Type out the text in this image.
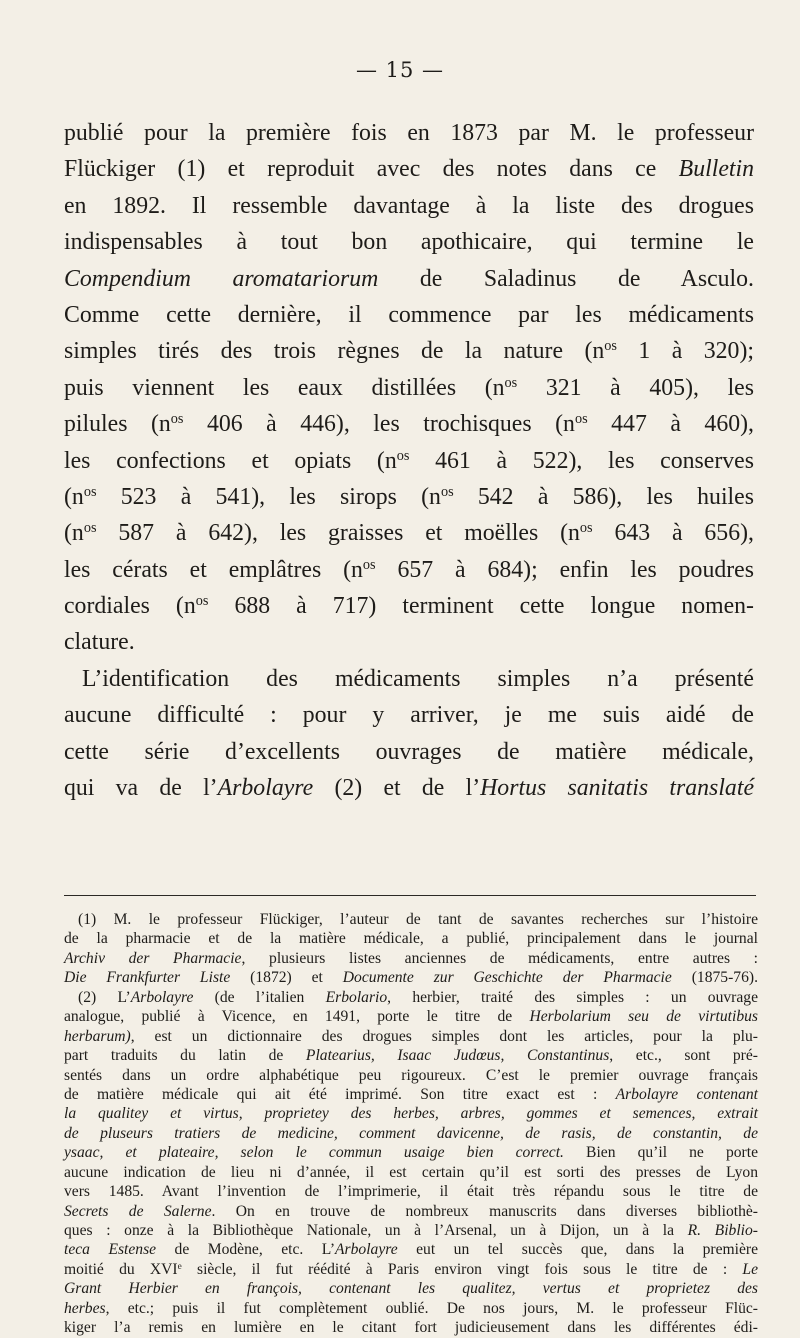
— 15 —
publié pour la première fois en 1873 par M. le professeur
Flückiger (1) et reproduit avec des notes dans ce Bulletin
en 1892. Il ressemble davantage à la liste des drogues
indispensables à tout bon apothicaire, qui termine le
Compendium aromatariorum de Saladinus de Asculo.
Comme cette dernière, il commence par les médicaments
simples tirés des trois règnes de la nature ($n^{os}$ 1 à 320);
puis viennent les eaux distillées ($n^{os}$ 321 à 405), les
pilules ($n^{os}$ 406 à 446), les trochisques ($n^{os}$ 447 à 460),
les confections et opiats ($n^{os}$ 461 à 522), les conserves
($n^{os}$ 523 à 541), les sirops ($n^{os}$ 542 à 586), les huiles
($n^{os}$ 587 à 642), les graisses et moëlles ($n^{os}$ 643 à 656),
les cérats et emplâtres ($n^{os}$ 657 à 684); enfin les poudres
cordiales ($n^{os}$ 688 à 717) terminent cette longue nomen-
clature.
L’identification des médicaments simples n’a présenté
aucune difficulté : pour y arriver, je me suis aidé de
cette série d’excellents ouvrages de matière médicale,
qui va de l’Arbolayre (2) et de l’Hortus sanitatis translaté
(1) M. le professeur Flückiger, l’auteur de tant de savantes recherches sur l’histoire
de la pharmacie et de la matière médicale, a publié, principalement dans le journal
Archiv der Pharmacie, plusieurs listes anciennes de médicaments, entre autres :
Die Frankfurter Liste (1872) et Documente zur Geschichte der Pharmacie (1875-76).
(2) L’Arbolayre (de l’italien Erbolario, herbier, traité des simples : un ouvrage
analogue, publié à Vicence, en 1491, porte le titre de Herbolarium seu de virtutibus
herbarum), est un dictionnaire des drogues simples dont les articles, pour la plu-
part traduits du latin de Platearius, Isaac Judœus, Constantinus, etc., sont pré-
sentés dans un ordre alphabétique peu rigoureux. C’est le premier ouvrage français
de matière médicale qui ait été imprimé. Son titre exact est : Arbolayre contenant
la qualitey et virtus, proprietey des herbes, arbres, gommes et semences, extrait
de pluseurs tratiers de medicine, comment davicenne, de rasis, de constantin, de
ysaac, et plateaire, selon le commun usaige bien correct. Bien qu’il ne porte
aucune indication de lieu ni d’année, il est certain qu’il est sorti des presses de Lyon
vers 1485. Avant l’invention de l’imprimerie, il était très répandu sous le titre de
Secrets de Salerne. On en trouve de nombreux manuscrits dans diverses bibliothè-
ques : onze à la Bibliothèque Nationale, un à l’Arsenal, un à Dijon, un à la R. Biblio-
teca Estense de Modène, etc. L’Arbolayre eut un tel succès que, dans la première
moitié du XVIe siècle, il fut réédité à Paris environ vingt fois sous le titre de : Le
Grant Herbier en françois, contenant les qualitez, vertus et proprietez des
herbes, etc.; puis il fut complètement oublié. De nos jours, M. le professeur Flüc-
kiger l’a remis en lumière en le citant fort judicieusement dans les différentes édi-
